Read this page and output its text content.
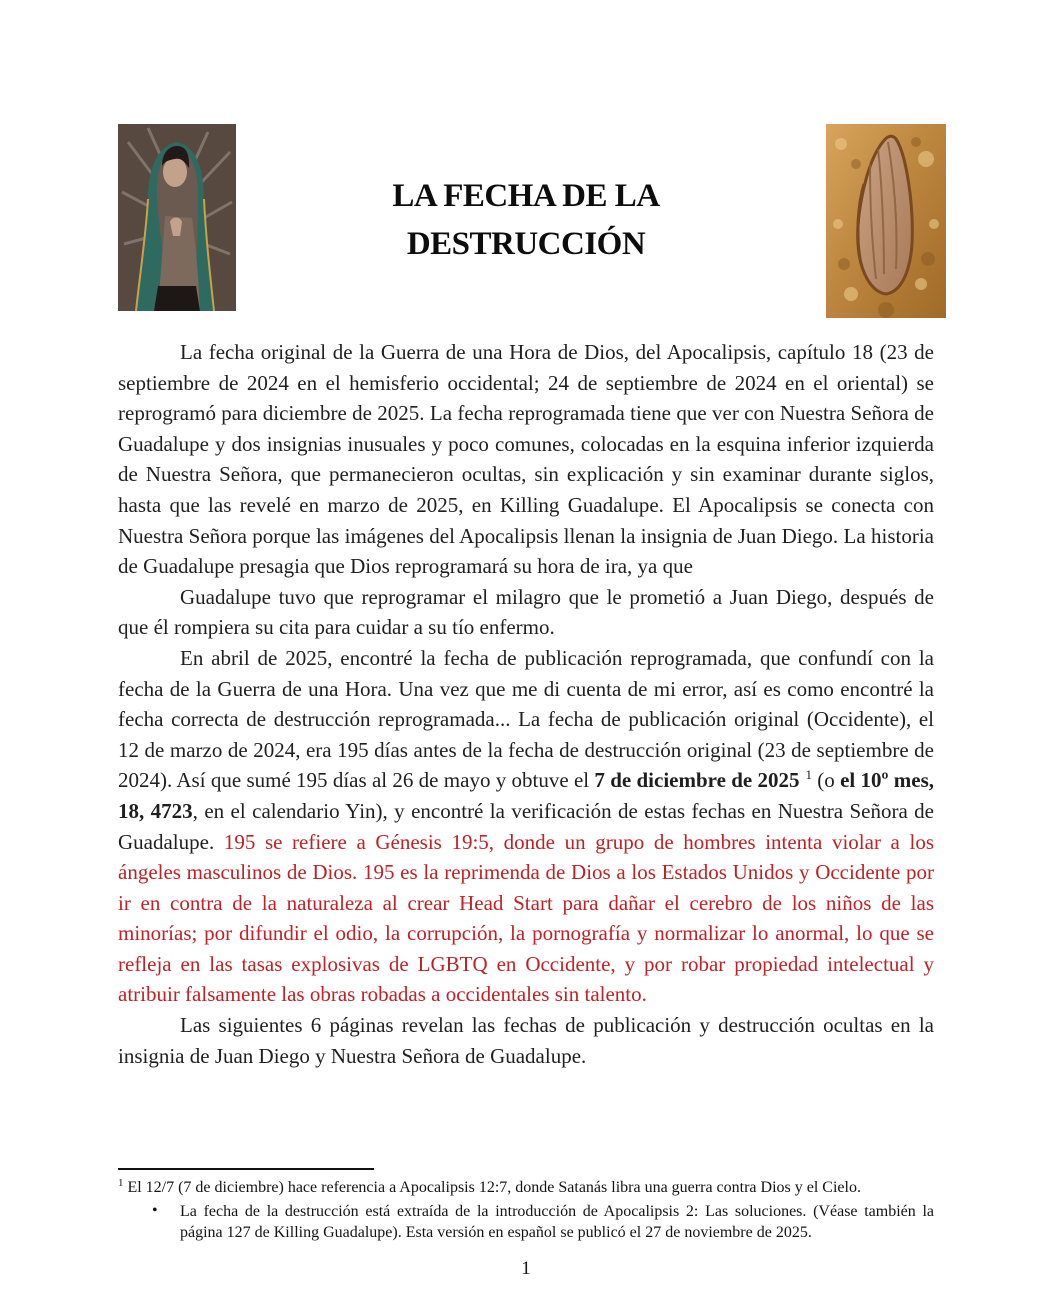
LA FECHA DE LA
DESTRUCCIÓN

La fecha original de la Guerra de una Hora de Dios, del Apocalipsis, capítulo 18 (23 de septiembre de 2024 en el hemisferio occidental; 24 de septiembre de 2024 en el oriental) se reprogramó para diciembre de 2025. La fecha reprogramada tiene que ver con Nuestra Señora de Guadalupe y dos insignias inusuales y poco comunes, colocadas en la esquina inferior izquierda de Nuestra Señora, que permanecieron ocultas, sin explicación y sin examinar durante siglos, hasta que las revelé en marzo de 2025, en Killing Guadalupe. El Apocalipsis se conecta con Nuestra Señora porque las imágenes del Apocalipsis llenan la insignia de Juan Diego. La historia de Guadalupe presagia que Dios reprogramará su hora de ira, ya que

Guadalupe tuvo que reprogramar el milagro que le prometió a Juan Diego, después de que él rompiera su cita para cuidar a su tío enfermo.

En abril de 2025, encontré la fecha de publicación reprogramada, que confundí con la fecha de la Guerra de una Hora. Una vez que me di cuenta de mi error, así es como encontré la fecha correcta de destrucción reprogramada... La fecha de publicación original (Occidente), el 12 de marzo de 2024, era 195 días antes de la fecha de destrucción original (23 de septiembre de 2024). Así que sumé 195 días al 26 de mayo y obtuve el 7 de diciembre de 2025 $^1$ (o el 10º mes, 18, 4723, en el calendario Yin), y encontré la verificación de estas fechas en Nuestra Señora de Guadalupe. 195 se refiere a Génesis 19:5, donde un grupo de hombres intenta violar a los ángeles masculinos de Dios. 195 es la reprimenda de Dios a los Estados Unidos y Occidente por ir en contra de la naturaleza al crear Head Start para dañar el cerebro de los niños de las minorías; por difundir el odio, la corrupción, la pornografía y normalizar lo anormal, lo que se refleja en las tasas explosivas de LGBTQ en Occidente, y por robar propiedad intelectual y atribuir falsamente las obras robadas a occidentales sin talento.

Las siguientes 6 páginas revelan las fechas de publicación y destrucción ocultas en la insignia de Juan Diego y Nuestra Señora de Guadalupe.

$^1$ El 12/7 (7 de diciembre) hace referencia a Apocalipsis 12:7, donde Satanás libra una guerra contra Dios y el Cielo.
• La fecha de la destrucción está extraída de la introducción de Apocalipsis 2: Las soluciones. (Véase también la página 127 de Killing Guadalupe). Esta versión en español se publicó el 27 de noviembre de 2025.
1
